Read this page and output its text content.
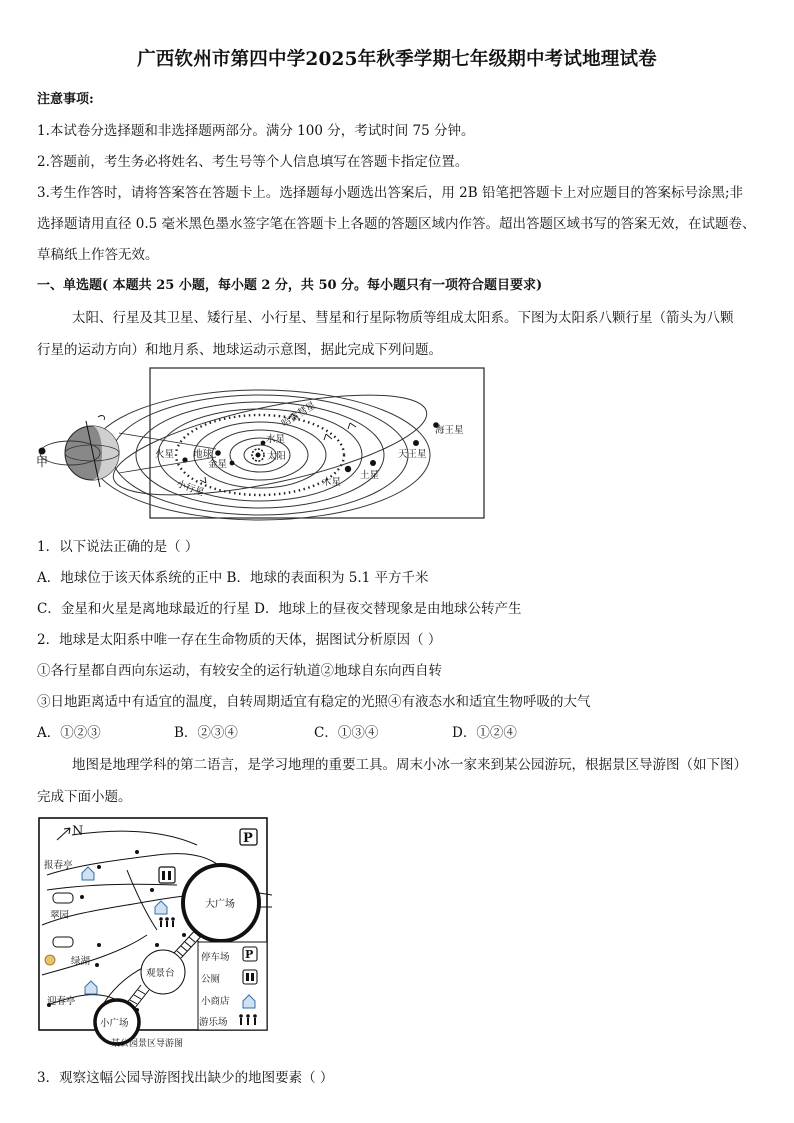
广西钦州市第四中学2025年秋季学期七年级期中考试地理试卷
注意事项:
1.本试卷分选择题和非选择题两部分。满分 100 分，考试时间 75 分钟。
2.答题前，考生务必将姓名、考生号等个人信息填写在答题卡指定位置。
3.考生作答时，请将答案答在答题卡上。选择题每小题选出答案后，用 2B 铅笔把答题卡上对应题目的答案标号涂黑;非
选择题请用直径 0.5 毫米黑色墨水签字笔在答题卡上各题的答题区域内作答。超出答题区域书写的答案无效，在试题卷、
草稿纸上作答无效。
一、单选题( 本题共 25 小题，每小题 2 分，共 50 分。每小题只有一项符合题目要求)
太阳、行星及其卫星、矮行星、小行星、彗星和行星际物质等组成太阳系。下图为太阳系八颗行星（箭头为八颗
行星的运动方向）和地月系、地球运动示意图，据此完成下列问题。
甲
地球
火星
金星
水星
太阳
木星
土星
天王星
海王星
哈雷彗星
小行星
1．以下说法正确的是（ ）
A．地球位于该天体系统的正中 B．地球的表面积为 5.1 平方千米
C．金星和火星是离地球最近的行星 D．地球上的昼夜交替现象是由地球公转产生
2．地球是太阳系中唯一存在生命物质的天体，据图试分析原因（ ）
①各行星都自西向东运动，有较安全的运行轨道②地球自东向西自转
③日地距离适中有适宜的温度，自转周期适宜有稳定的光照④有液态水和适宜生物呼吸的大气
A．①②③	B．②③④	C．①③④	D．①②④
地图是地理学科的第二语言，是学习地理的重要工具。周末小冰一家来到某公园游玩，根据景区导游图（如下图）
完成下面小题。
N	P
报春亭
翠园
绿湖
迎春亭
观景台
大广场
小广场
停车场 P
公厕
小商店
游乐场
某公园景区导游图
3．观察这幅公园导游图找出缺少的地图要素（ ）
